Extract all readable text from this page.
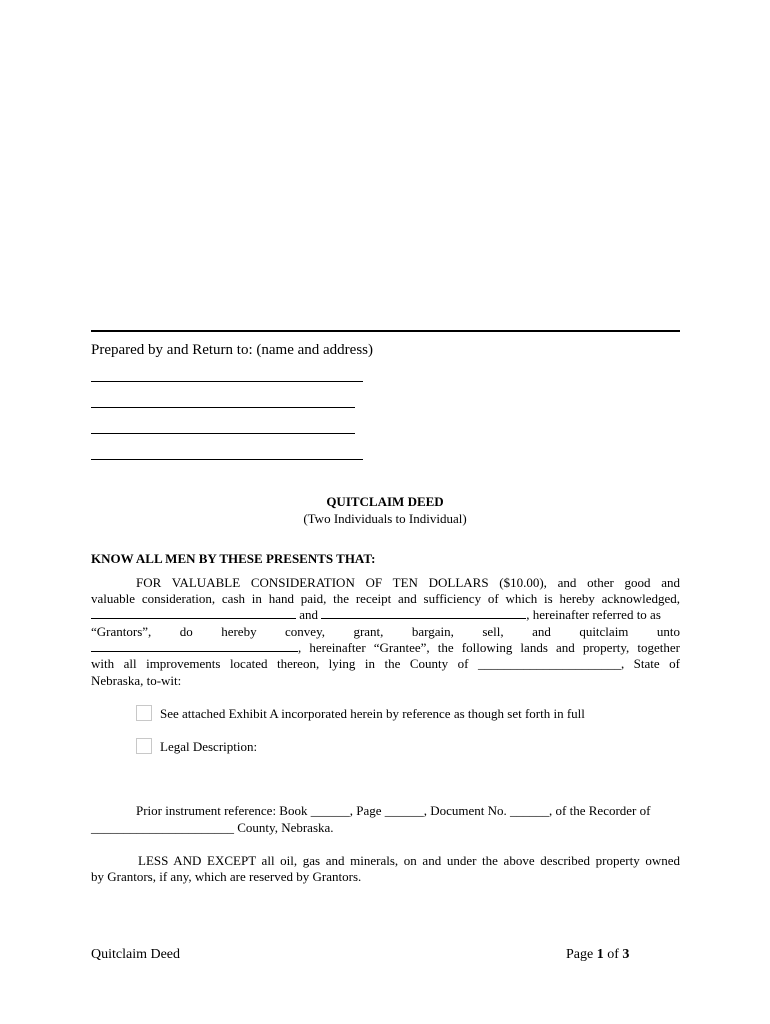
Prepared by and Return to: (name and address)
QUITCLAIM DEED
(Two Individuals to Individual)
KNOW ALL MEN BY THESE PRESENTS THAT:
FOR VALUABLE CONSIDERATION OF TEN DOLLARS ($10.00), and other good and
valuable consideration, cash in hand paid, the receipt and sufficiency of which is hereby acknowledged,
and	, hereinafter referred to as
“Grantors”, do hereby convey, grant, bargain, sell, and quitclaim unto
, hereinafter “Grantee”, the following lands and property, together
with all improvements located thereon, lying in the County of ______________________, State of
Nebraska, to-wit:
See attached Exhibit A incorporated herein by reference as though set forth in full
Legal Description:
Prior instrument reference: Book ______, Page ______, Document No. ______, of the Recorder of
______________________ County, Nebraska.
LESS AND EXCEPT all oil, gas and minerals, on and under the above described property owned
by Grantors, if any, which are reserved by Grantors.
Quitclaim Deed	Page 1 of 3
